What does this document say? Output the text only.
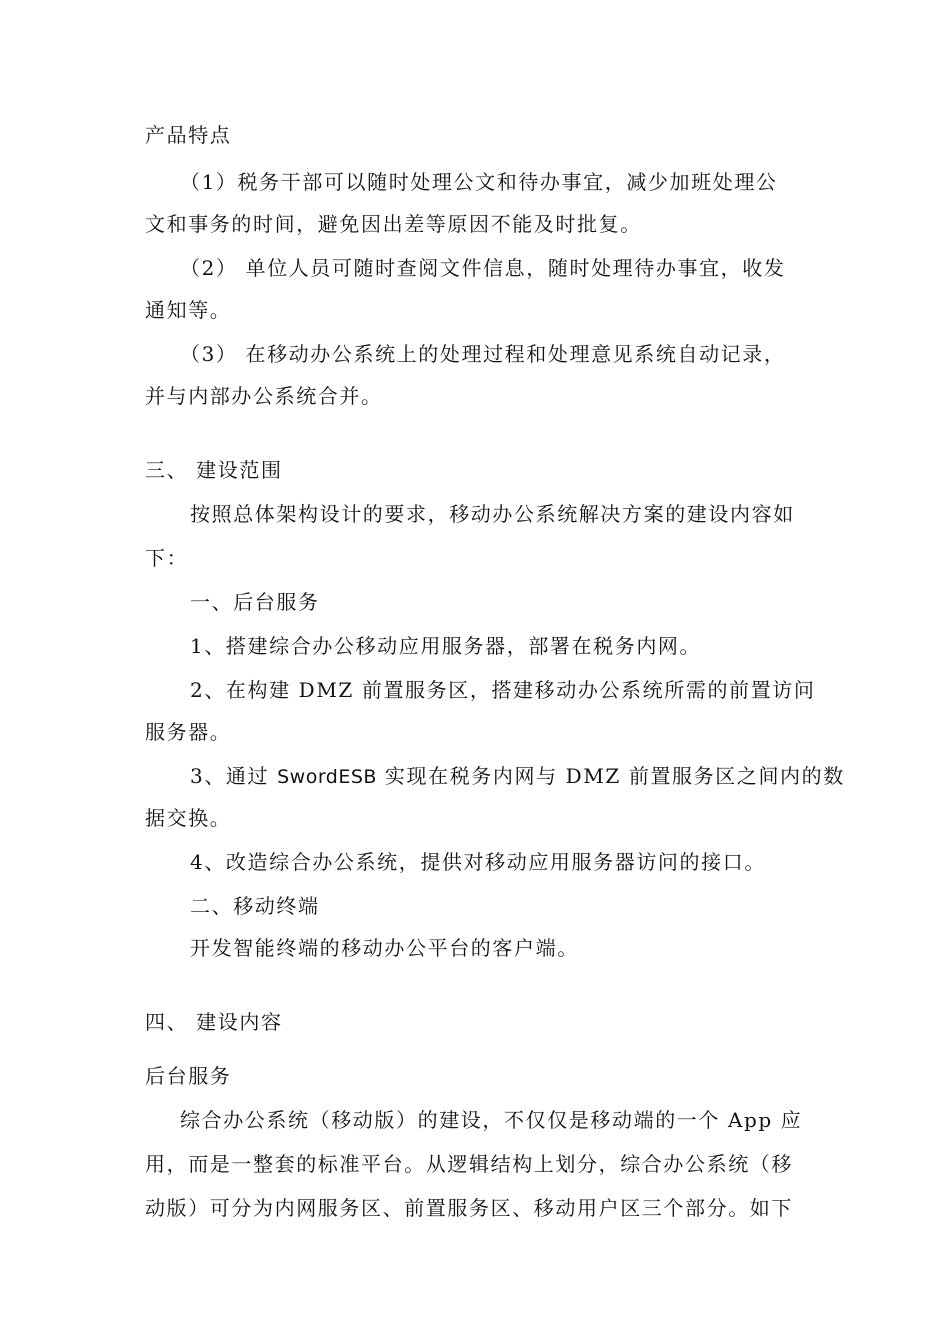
产品特点
（1）税务干部可以随时处理公文和待办事宜，减少加班处理公
文和事务的时间，避免因出差等原因不能及时批复。
（2） 单位人员可随时查阅文件信息，随时处理待办事宜，收发
通知等。
（3） 在移动办公系统上的处理过程和处理意见系统自动记录，
并与内部办公系统合并。
三、 建设范围
按照总体架构设计的要求，移动办公系统解决方案的建设内容如
下：
一、后台服务
1、搭建综合办公移动应用服务器，部署在税务内网。
2、在构建 DMZ 前置服务区，搭建移动办公系统所需的前置访问
服务器。
3、通过 SwordESB 实现在税务内网与 DMZ 前置服务区之间内的数
据交换。
4、改造综合办公系统，提供对移动应用服务器访问的接口。
二、移动终端
开发智能终端的移动办公平台的客户端。
四、 建设内容
后台服务
综合办公系统（移动版）的建设，不仅仅是移动端的一个 App 应
用，而是一整套的标准平台。从逻辑结构上划分，综合办公系统（移
动版）可分为内网服务区、前置服务区、移动用户区三个部分。如下
